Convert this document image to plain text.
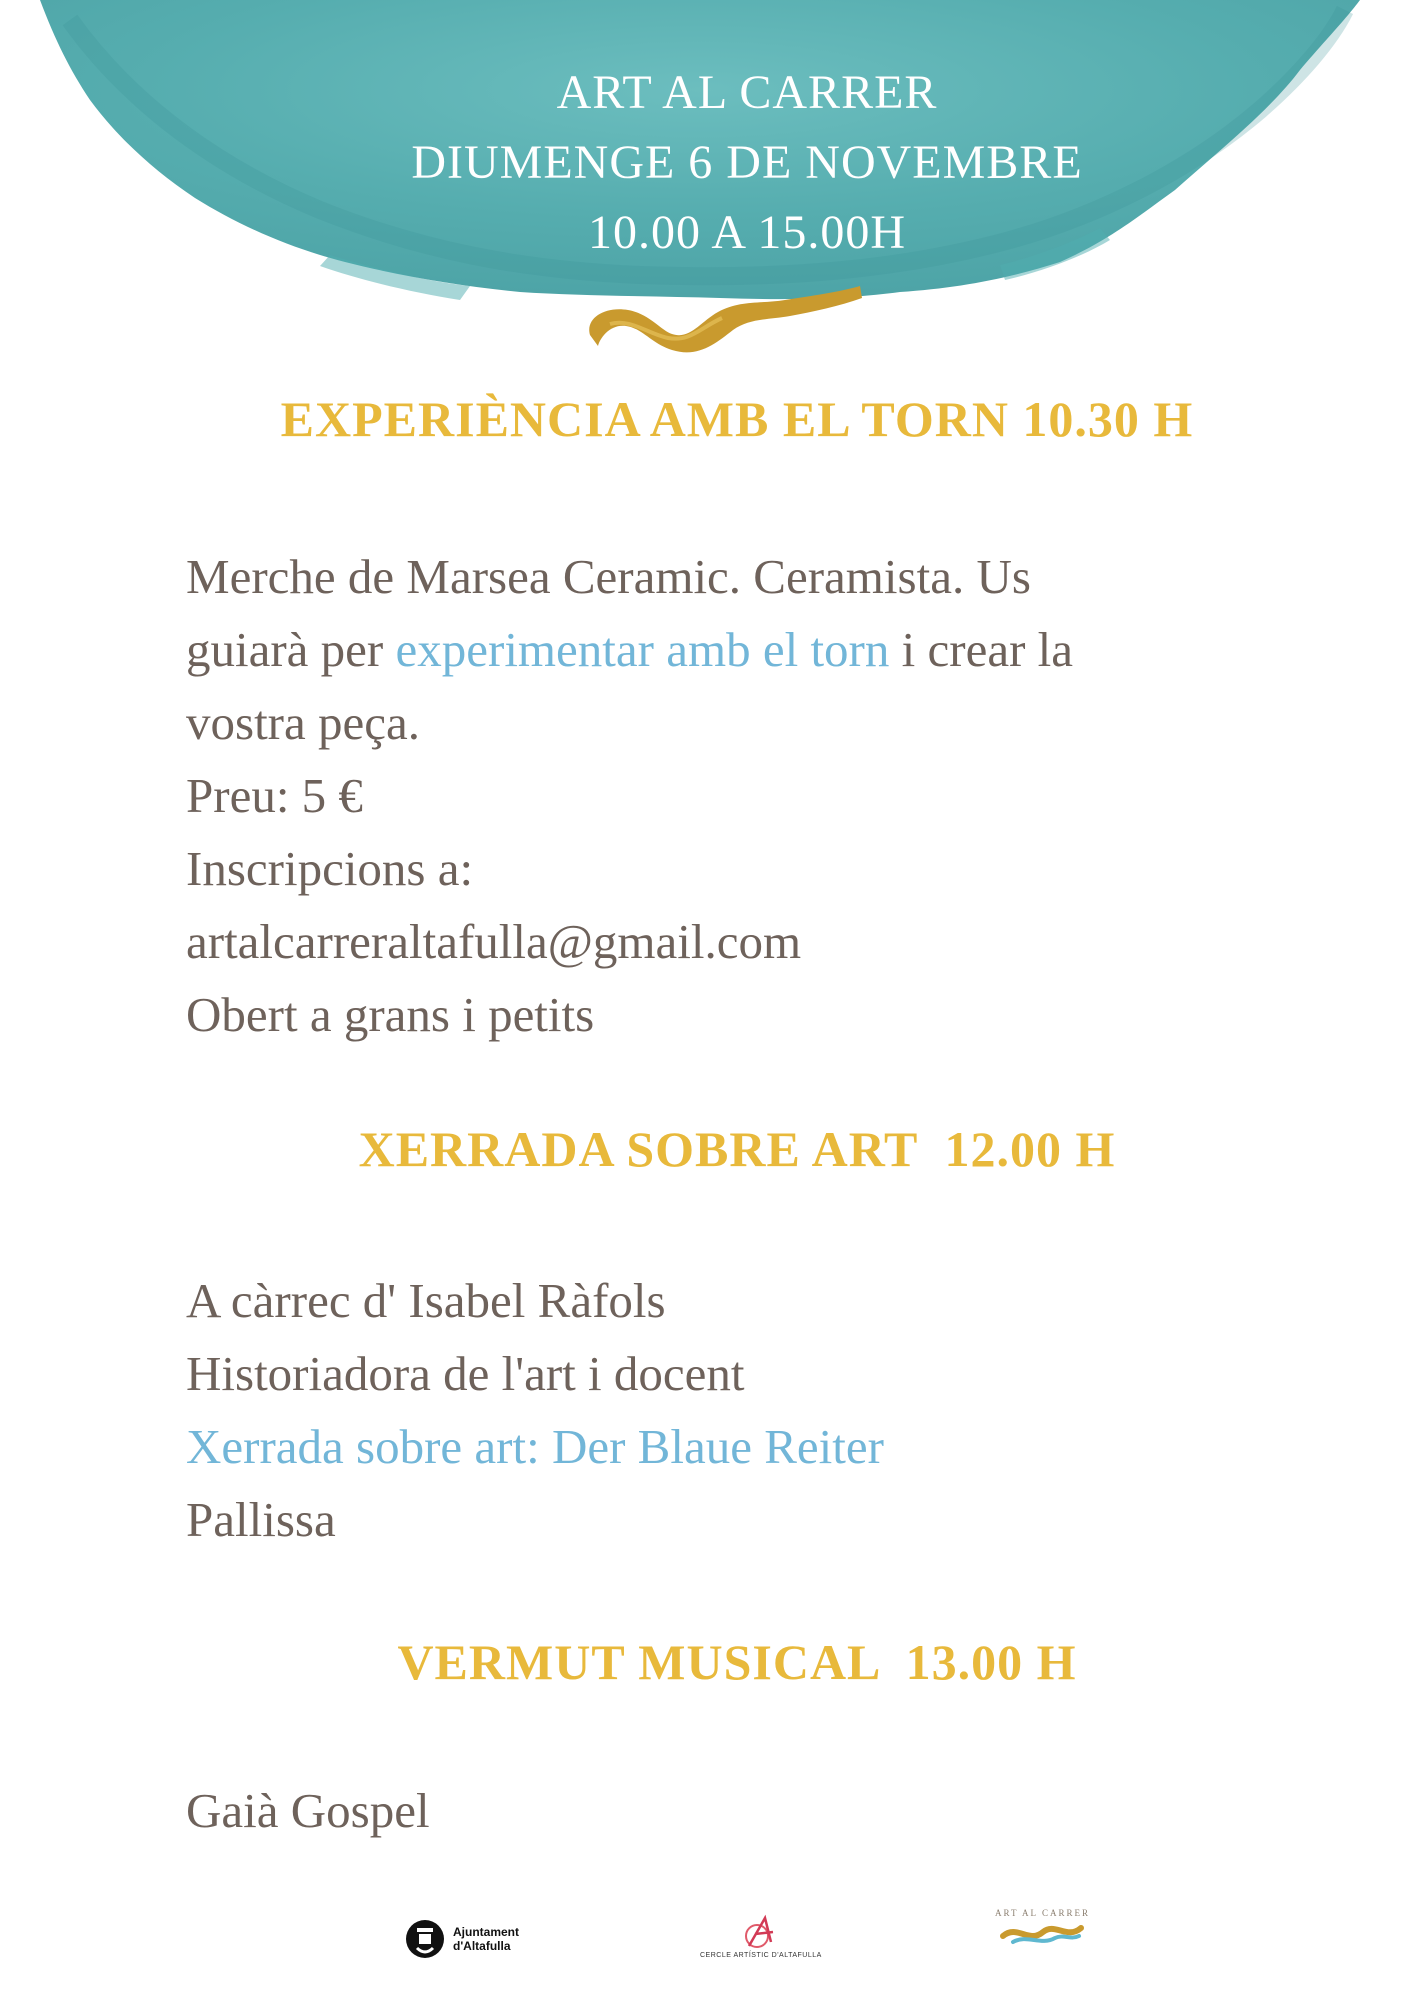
ART AL CARRER
DIUMENGE 6 DE NOVEMBRE
10.00 A 15.00H
EXPERIÈNCIA AMB EL TORN 10.30 H
Merche de Marsea Ceramic. Ceramista. Us
guiarà per experimentar amb el torn i crear la
vostra peça.
Preu: 5 €
Inscripcions a:
artalcarreraltafulla@gmail.com
Obert a grans i petits
XERRADA SOBRE ART  12.00 H
A càrrec d' Isabel Ràfols
Historiadora de l'art i docent
Xerrada sobre art: Der Blaue Reiter
Pallissa
VERMUT MUSICAL  13.00 H
Gaià Gospel
Ajuntament
d'Altafulla
CERCLE ARTÍSTIC D'ALTAFULLA
ART AL CARRER
